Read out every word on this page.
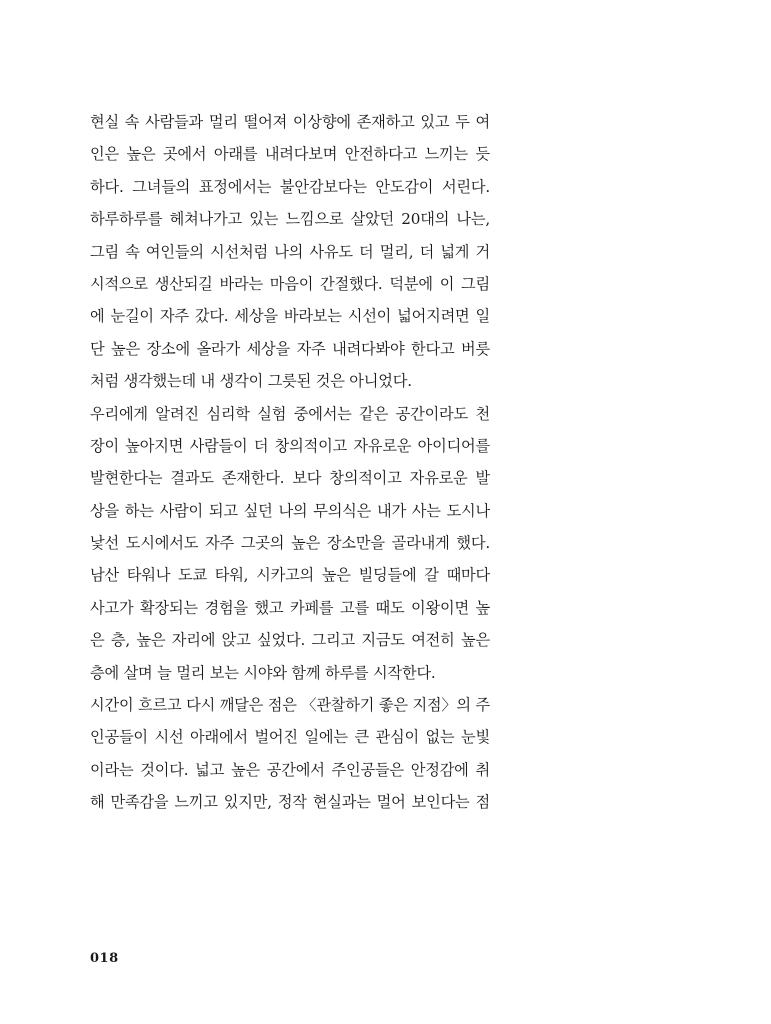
현실 속 사람들과 멀리 떨어져 이상향에 존재하고 있고 두 여
인은 높은 곳에서 아래를 내려다보며 안전하다고 느끼는 듯
하다. 그녀들의 표정에서는 불안감보다는 안도감이 서린다.
하루하루를 헤쳐나가고 있는 느낌으로 살았던 20대의 나는,
그림 속 여인들의 시선처럼 나의 사유도 더 멀리, 더 넓게 거
시적으로 생산되길 바라는 마음이 간절했다. 덕분에 이 그림
에 눈길이 자주 갔다. 세상을 바라보는 시선이 넓어지려면 일
단 높은 장소에 올라가 세상을 자주 내려다봐야 한다고 버릇
처럼 생각했는데 내 생각이 그릇된 것은 아니었다.
우리에게 알려진 심리학 실험 중에서는 같은 공간이라도 천
장이 높아지면 사람들이 더 창의적이고 자유로운 아이디어를
발현한다는 결과도 존재한다. 보다 창의적이고 자유로운 발
상을 하는 사람이 되고 싶던 나의 무의식은 내가 사는 도시나
낯선 도시에서도 자주 그곳의 높은 장소만을 골라내게 했다.
남산 타워나 도쿄 타워, 시카고의 높은 빌딩들에 갈 때마다
사고가 확장되는 경험을 했고 카페를 고를 때도 이왕이면 높
은 층, 높은 자리에 앉고 싶었다. 그리고 지금도 여전히 높은
층에 살며 늘 멀리 보는 시야와 함께 하루를 시작한다.
시간이 흐르고 다시 깨달은 점은 〈관찰하기 좋은 지점〉의 주
인공들이 시선 아래에서 벌어진 일에는 큰 관심이 없는 눈빛
이라는 것이다. 넓고 높은 공간에서 주인공들은 안정감에 취
해 만족감을 느끼고 있지만, 정작 현실과는 멀어 보인다는 점
018
